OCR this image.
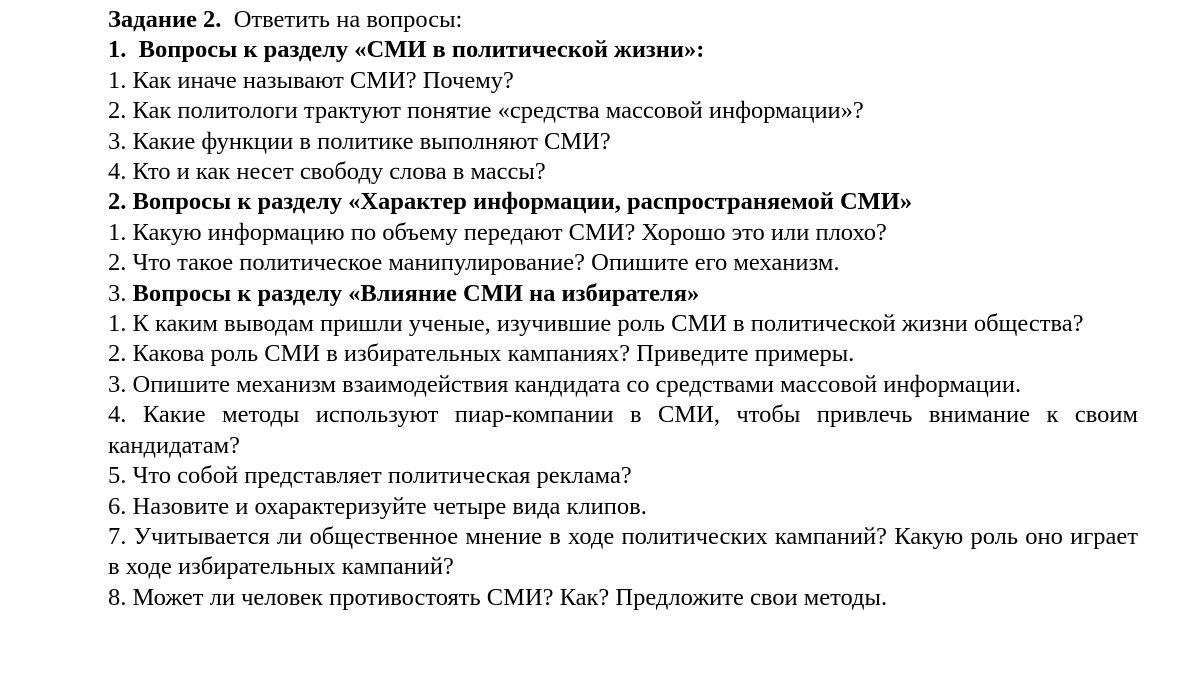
Задание 2. Ответить на вопросы:

1.  Вопросы к разделу «СМИ в политической жизни»:

1. Как иначе называют СМИ? Почему?

2. Как политологи трактуют понятие «средства массовой информации»?

3. Какие функции в политике выполняют СМИ?

4. Кто и как несет свободу слова в массы?

2. Вопросы к разделу «Характер информации, распространяемой СМИ»

1. Какую информацию по объему передают СМИ? Хорошо это или плохо?

2. Что такое политическое манипулирование? Опишите его механизм.

3. Вопросы к разделу «Влияние СМИ на избирателя»

1. К каким выводам пришли ученые, изучившие роль СМИ в политической жизни общества?

2. Какова роль СМИ в избирательных кампаниях? Приведите примеры.

3. Опишите механизм взаимодействия кандидата со средствами массовой информации.

4. Какие методы используют пиар-компании в СМИ, чтобы привлечь внимание к своим кандидатам?

5. Что собой представляет политическая реклама?

6. Назовите и охарактеризуйте четыре вида клипов.

7. Учитывается ли общественное мнение в ходе политических кампаний? Какую роль оно играет в ходе избирательных кампаний?

8. Может ли человек противостоять СМИ? Как? Предложите свои методы.
